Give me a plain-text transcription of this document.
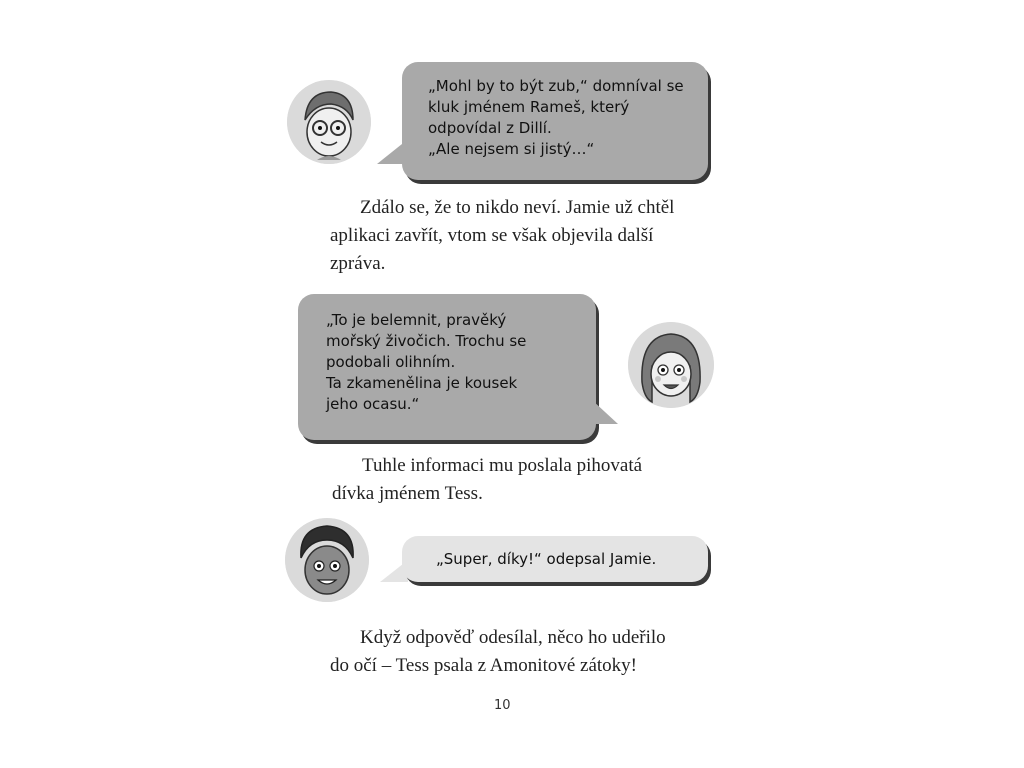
„Mohl by to být zub,“ domníval se
kluk jménem Rameš, který
odpovídal z Dillí.
„Ale nejsem si jistý…“
Zdálo se, že to nikdo neví. Jamie už chtěl
aplikaci zavřít, vtom se však objevila další
zpráva.
„To je belemnit, pravěký
mořský živočich. Trochu se
podobali olihním.
Ta zkamenělina je kousek
jeho ocasu.“
Tuhle informaci mu poslala pihovatá
dívka jménem Tess.
„Super, díky!“ odepsal Jamie.
Když odpověď odesílal, něco ho udeřilo
do očí – Tess psala z Amonitové zátoky!
10
